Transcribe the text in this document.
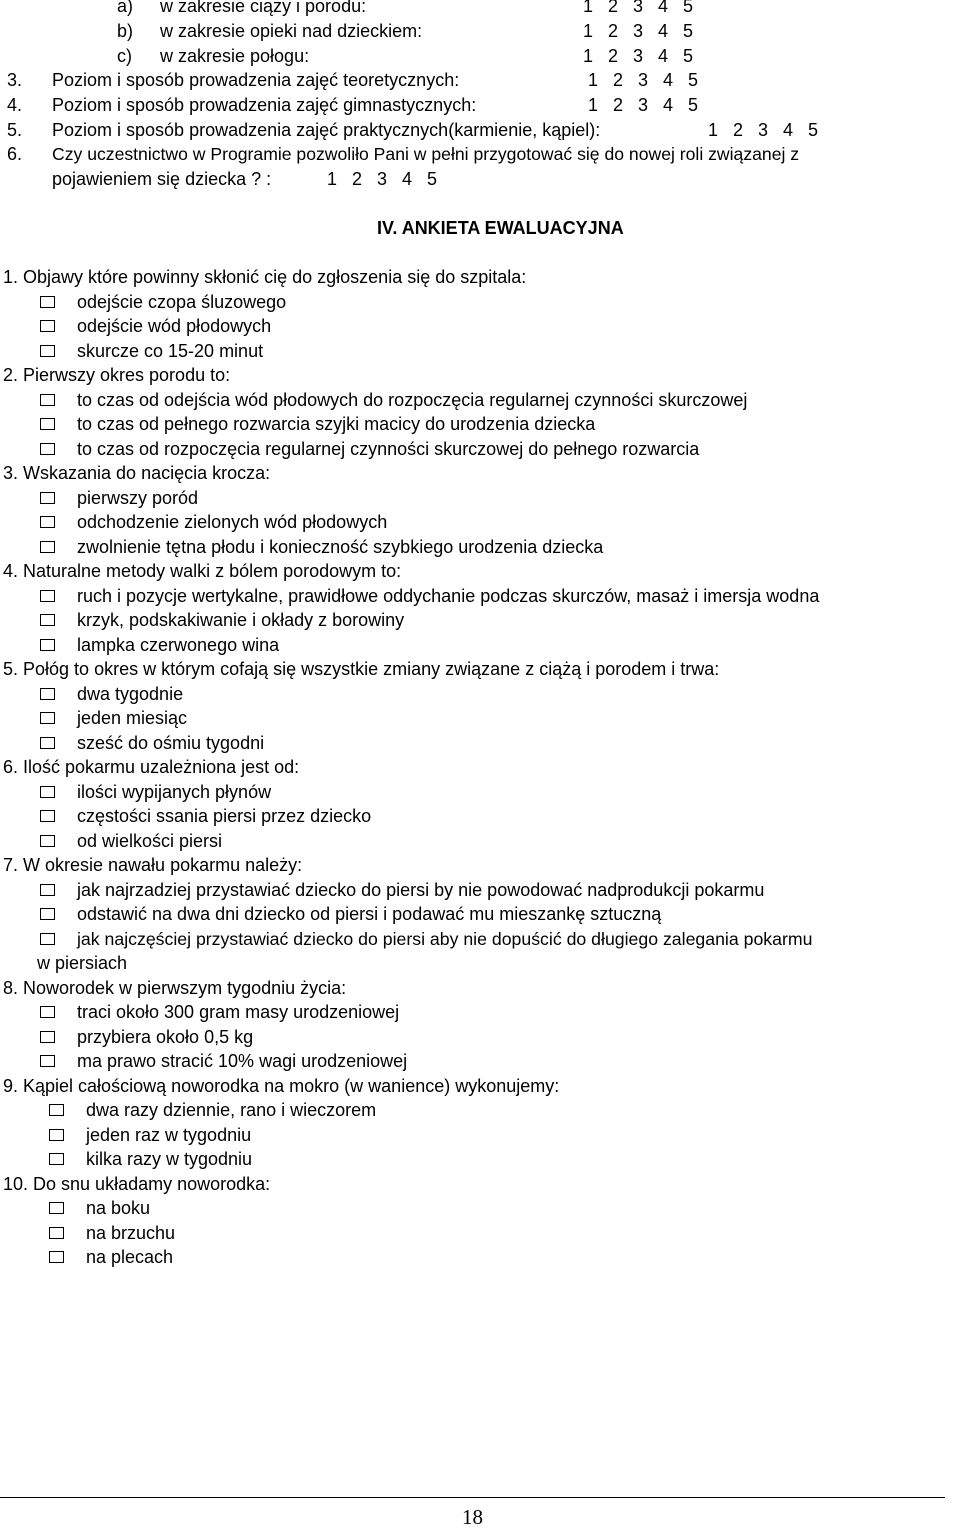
a) w zakresie ciąży i porodu:	1   2   3   4   5
b) w zakresie opieki nad dzieckiem:	1   2   3   4   5
c) w zakresie połogu:	1   2   3   4   5
3. Poziom i sposób prowadzenia zajęć teoretycznych:	1   2   3   4   5
4. Poziom i sposób prowadzenia zajęć gimnastycznych:	1   2   3   4   5
5. Poziom i sposób prowadzenia zajęć praktycznych(karmienie, kąpiel):	1   2   3   4   5
6. Czy uczestnictwo w Programie pozwoliło Pani w pełni przygotować się do nowej roli związanej z
pojawieniem się dziecka ? :	1   2   3   4   5
IV. ANKIETA EWALUACYJNA
1. Objawy które powinny skłonić cię do zgłoszenia się do szpitala:
odejście czopa śluzowego
odejście wód płodowych
skurcze co 15-20 minut
2. Pierwszy okres porodu to:
to czas od odejścia wód płodowych do rozpoczęcia regularnej czynności skurczowej
to czas od pełnego rozwarcia szyjki macicy do urodzenia dziecka
to czas od rozpoczęcia regularnej czynności skurczowej do pełnego rozwarcia
3. Wskazania do nacięcia krocza:
pierwszy poród
odchodzenie zielonych wód płodowych
zwolnienie tętna płodu i konieczność szybkiego urodzenia dziecka
4. Naturalne metody walki z bólem porodowym to:
ruch i pozycje wertykalne, prawidłowe oddychanie podczas skurczów, masaż i imersja wodna
krzyk, podskakiwanie i okłady z borowiny
lampka czerwonego wina
5. Połóg to okres w którym cofają się wszystkie zmiany związane z ciążą i porodem i trwa:
dwa tygodnie
jeden miesiąc
sześć do ośmiu tygodni
6. Ilość pokarmu uzależniona jest od:
ilości wypijanych płynów
częstości ssania piersi przez dziecko
od wielkości piersi
7. W okresie nawału pokarmu należy:
jak najrzadziej przystawiać dziecko do piersi by nie powodować nadprodukcji pokarmu
odstawić na dwa dni dziecko od piersi i podawać mu mieszankę sztuczną
jak najczęściej przystawiać dziecko do piersi aby nie dopuścić do długiego zalegania pokarmu
w piersiach
8. Noworodek w pierwszym tygodniu życia:
traci około 300 gram masy urodzeniowej
przybiera około 0,5 kg
ma prawo stracić 10% wagi urodzeniowej
9. Kąpiel całościową noworodka na mokro (w wanience) wykonujemy:
dwa razy dziennie, rano i wieczorem
jeden raz w tygodniu
kilka razy w tygodniu
10. Do snu układamy noworodka:
na boku
na brzuchu
na plecach
18
